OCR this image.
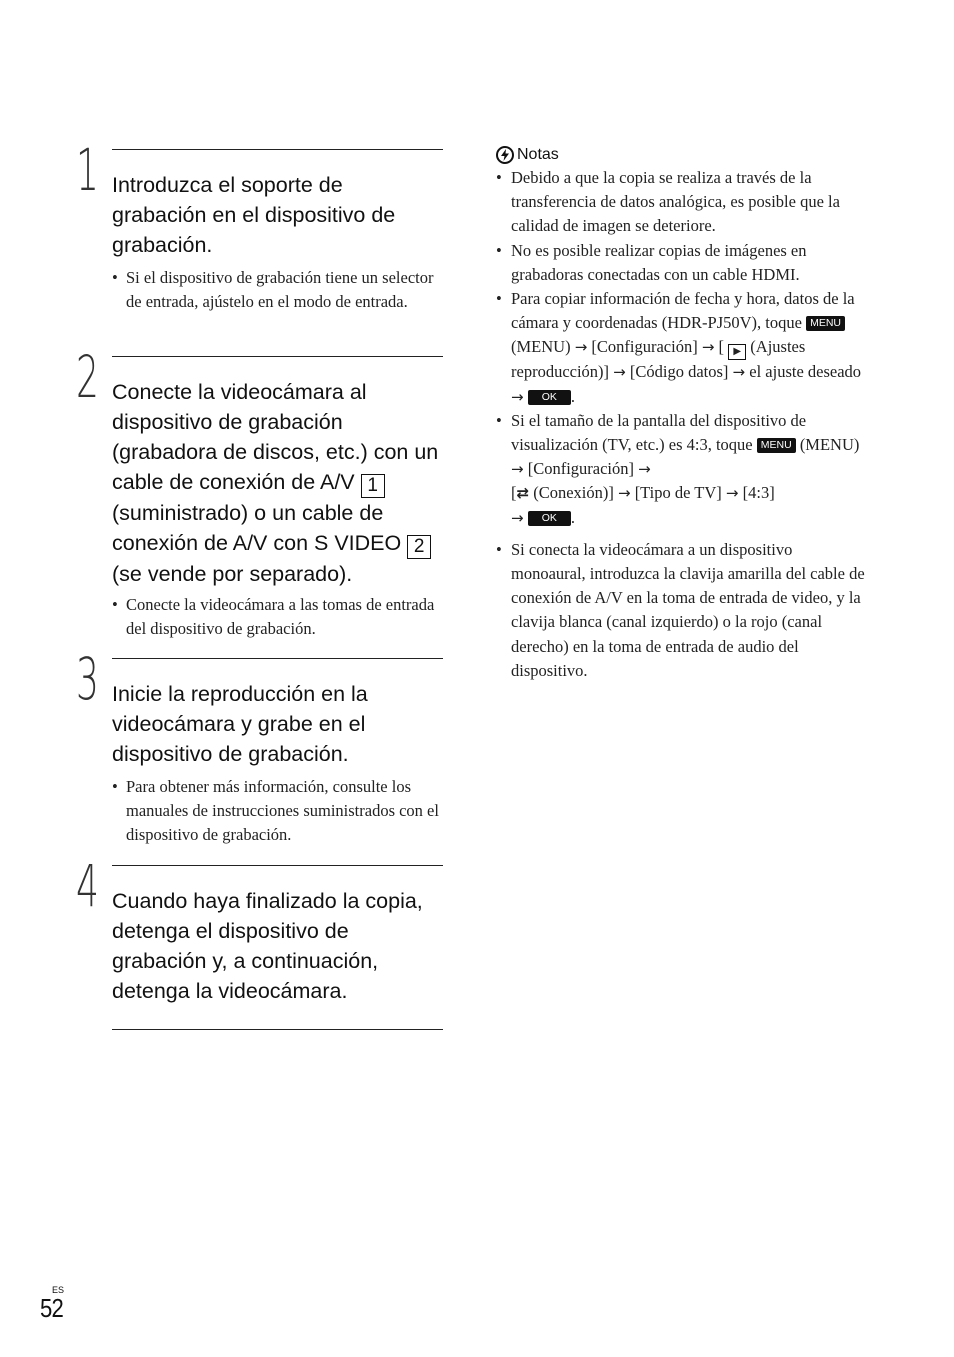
1 Introduzca el soporte de grabación en el dispositivo de grabación.
• Si el dispositivo de grabación tiene un selector de entrada, ajústelo en el modo de entrada.
2 Conecte la videocámara al dispositivo de grabación (grabadora de discos, etc.) con un cable de conexión de A/V 1(suministrado) o un cable de conexión de A/V con S VIDEO 2(se vende por separado).
• Conecte la videocámara a las tomas de entrada del dispositivo de grabación.
3 Inicie la reproducción en la videocámara y grabe en el dispositivo de grabación.
• Para obtener más información, consulte los manuales de instrucciones suministrados con el dispositivo de grabación.
4 Cuando haya finalizado la copia, detenga el dispositivo de grabación y, a continuación, detenga la videocámara.
Notas
• Debido a que la copia se realiza a través de la transferencia de datos analógica, es posible que la calidad de imagen se deteriore.
• No es posible realizar copias de imágenes en grabadoras conectadas con un cable HDMI.
• Para copiar información de fecha y hora, datos de la cámara y coordenadas (HDR-PJ50V), toque MENU (MENU) → [Configuración] → [ ▶ (Ajustes reproducción)] → [Código datos] → el ajuste deseado → OK .
• Si el tamaño de la pantalla del dispositivo de visualización (TV, etc.) es 4:3, toque MENU (MENU) → [Configuración] →
[⇄ (Conexión)] → [Tipo de TV] → [4:3]
→ OK .
• Si conecta la videocámara a un dispositivo monoaural, introduzca la clavija amarilla del cable de conexión de A/V en la toma de entrada de video, y la clavija blanca (canal izquierdo) o la rojo (canal derecho) en la toma de entrada de audio del dispositivo.
ES
52
